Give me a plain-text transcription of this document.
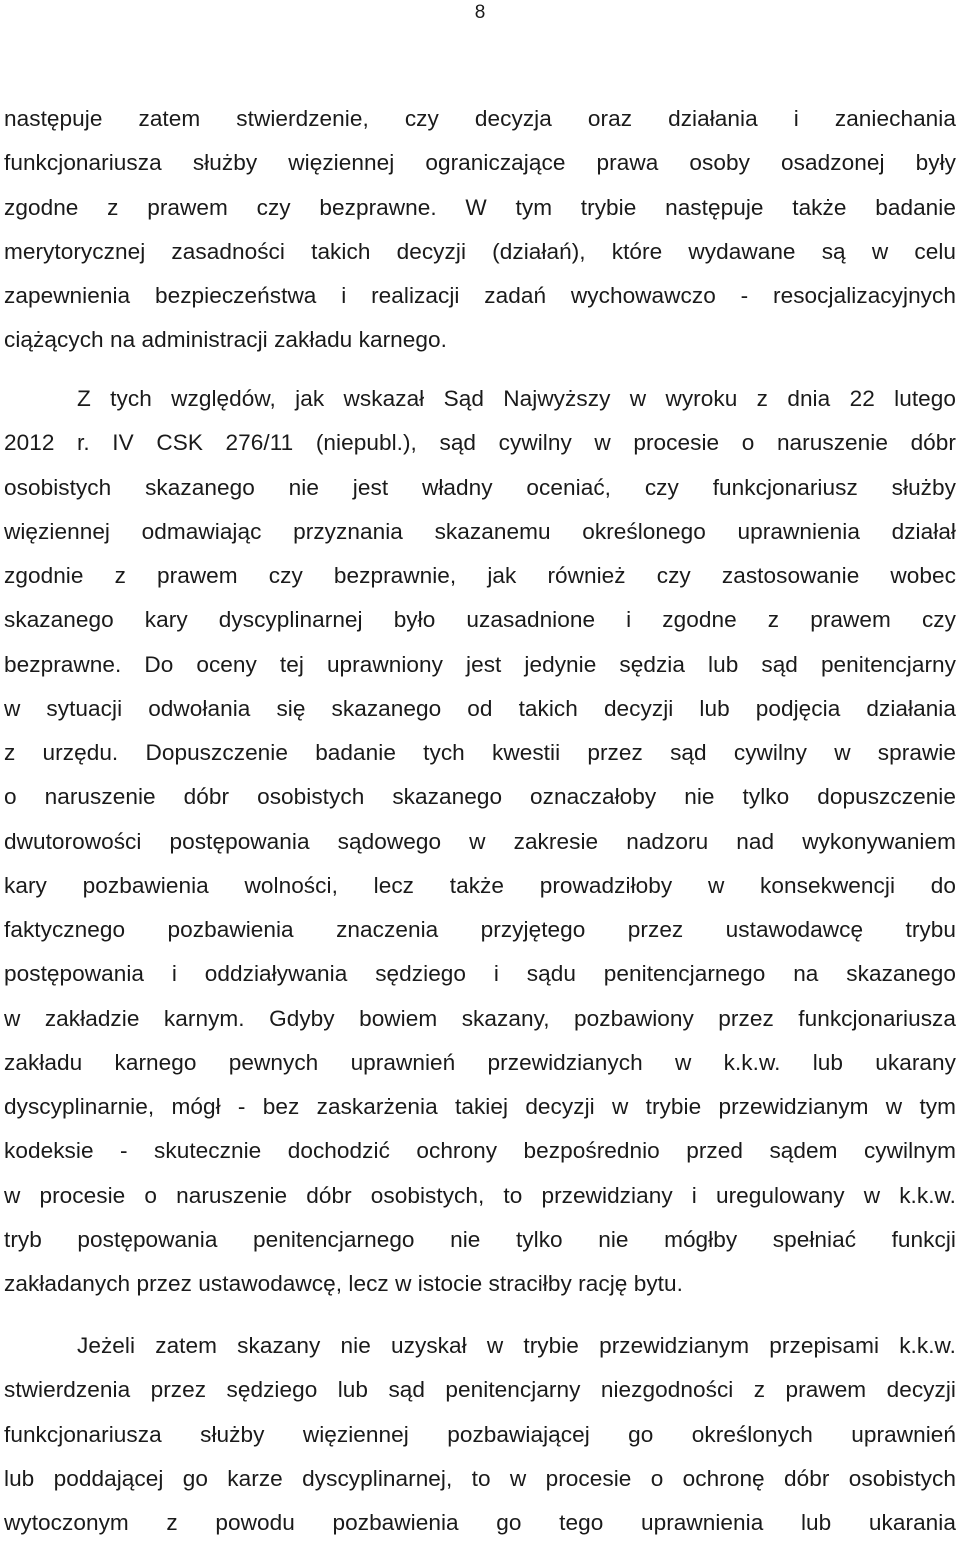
8
następuje zatem stwierdzenie, czy decyzja oraz działania i zaniechania
funkcjonariusza służby więziennej ograniczające prawa osoby osadzonej były
zgodne z prawem czy bezprawne. W tym trybie następuje także badanie
merytorycznej zasadności takich decyzji (działań), które wydawane są w celu
zapewnienia bezpieczeństwa i realizacji zadań wychowawczo - resocjalizacyjnych
ciążących na administracji zakładu karnego.
Z tych względów, jak wskazał Sąd Najwyższy w wyroku z dnia 22 lutego
2012 r. IV CSK 276/11 (niepubl.), sąd cywilny w procesie o naruszenie dóbr
osobistych skazanego nie jest władny oceniać, czy funkcjonariusz służby
więziennej odmawiając przyznania skazanemu określonego uprawnienia działał
zgodnie z prawem czy bezprawnie, jak również czy zastosowanie wobec
skazanego kary dyscyplinarnej było uzasadnione i zgodne z prawem czy
bezprawne. Do oceny tej uprawniony jest jedynie sędzia lub sąd penitencjarny
w sytuacji odwołania się skazanego od takich decyzji lub podjęcia działania
z urzędu. Dopuszczenie badanie tych kwestii przez sąd cywilny w sprawie
o naruszenie dóbr osobistych skazanego oznaczałoby nie tylko dopuszczenie
dwutorowości postępowania sądowego w zakresie nadzoru nad wykonywaniem
kary pozbawienia wolności, lecz także prowadziłoby w konsekwencji do
faktycznego pozbawienia znaczenia przyjętego przez ustawodawcę trybu
postępowania i oddziaływania sędziego i sądu penitencjarnego na skazanego
w zakładzie karnym. Gdyby bowiem skazany, pozbawiony przez funkcjonariusza
zakładu karnego pewnych uprawnień przewidzianych w k.k.w. lub ukarany
dyscyplinarnie, mógł - bez zaskarżenia takiej decyzji w trybie przewidzianym w tym
kodeksie - skutecznie dochodzić ochrony bezpośrednio przed sądem cywilnym
w procesie o naruszenie dóbr osobistych, to przewidziany i uregulowany w k.k.w.
tryb postępowania penitencjarnego nie tylko nie mógłby spełniać funkcji
zakładanych przez ustawodawcę, lecz w istocie straciłby rację bytu.
Jeżeli zatem skazany nie uzyskał w trybie przewidzianym przepisami k.k.w.
stwierdzenia przez sędziego lub sąd penitencjarny niezgodności z prawem decyzji
funkcjonariusza służby więziennej pozbawiającej go określonych uprawnień
lub poddającej go karze dyscyplinarnej, to w procesie o ochronę dóbr osobistych
wytoczonym z powodu pozbawienia go tego uprawnienia lub ukarania
